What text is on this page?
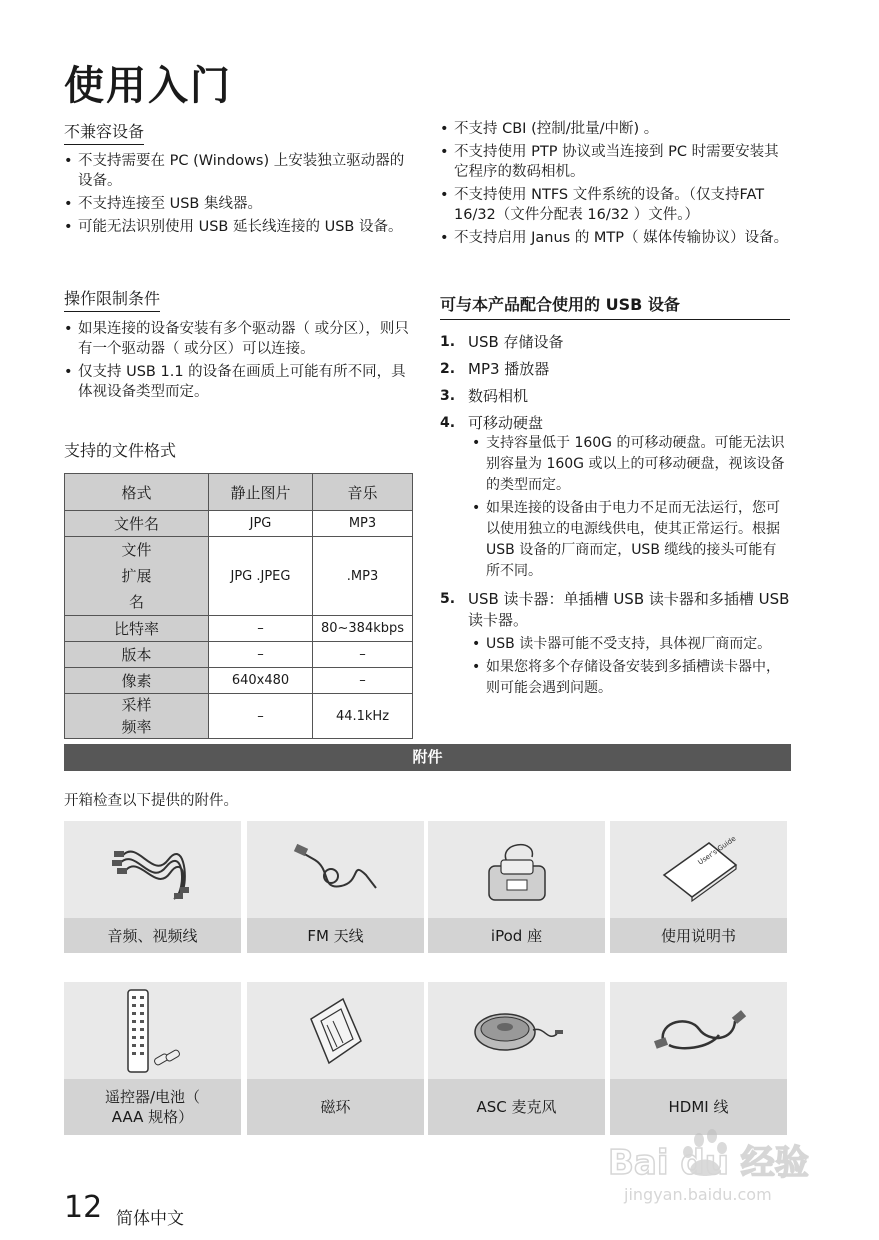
使用入门
不兼容设备
• 不支持需要在 PC (Windows) 上安装独立驱动器的设备。
• 不支持连接至 USB 集线器。
• 可能无法识别使用 USB 延长线连接的 USB 设备。
操作限制条件
• 如果连接的设备安装有多个驱动器（ 或分区），则只有一个驱动器（ 或分区）可以连接。
• 仅支持 USB 1.1 的设备在画质上可能有所不同，具体视设备类型而定。
支持的文件格式
格式	静止图片	音乐
文件名	JPG	MP3
文件扩展名	JPG .JPEG	.MP3
比特率	–	80~384kbps
版本	–	–
像素	640x480	–
采样频率	–	44.1kHz
• 不支持 CBI (控制/批量/中断) 。
• 不支持使用 PTP 协议或当连接到 PC 时需要安装其它程序的数码相机。
• 不支持使用 NTFS 文件系统的设备。（仅支持FAT 16/32（文件分配表 16/32 ）文件。）
• 不支持启用 Janus 的 MTP（ 媒体传输协议）设备。
可与本产品配合使用的 USB 设备
1. USB 存储设备
2. MP3 播放器
3. 数码相机
4. 可移动硬盘
• 支持容量低于 160G 的可移动硬盘。可能无法识别容量为 160G 或以上的可移动硬盘，视该设备的类型而定。
• 如果连接的设备由于电力不足而无法运行，您可以使用独立的电源线供电，使其正常运行。根据 USB 设备的厂商而定，USB 缆线的接头可能有所不同。
5. USB 读卡器：单插槽 USB 读卡器和多插槽 USB 读卡器。
• USB 读卡器可能不受支持，具体视厂商而定。
• 如果您将多个存储设备安装到多插槽读卡器中，则可能会遇到问题。
附件
开箱检查以下提供的附件。
音频、视频线	FM 天线	iPod 座
User's Guide
使用说明书
遥控器/电池（ AAA 规格）
磁环	ASC 麦克风	HDMI 线
12 简体中文
Bai du 经验
jingyan.baidu.com
